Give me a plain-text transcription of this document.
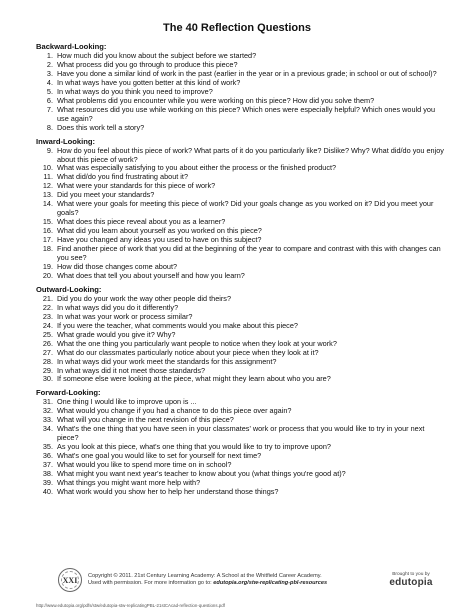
The 40 Reflection Questions
Backward-Looking:
1. How much did you know about the subject before we started?
2. What process did you go through to produce this piece?
3. Have you done a similar kind of work in the past (earlier in the year or in a previous grade; in school or out of school)?
4. In what ways have you gotten better at this kind of work?
5. In what ways do you think you need to improve?
6. What problems did you encounter while you were working on this piece? How did you solve them?
7. What resources did you use while working on this piece? Which ones were especially helpful? Which ones would you use again?
8. Does this work tell a story?
Inward-Looking:
9. How do you feel about this piece of work? What parts of it do you particularly like? Dislike? Why? What did/do you enjoy about this piece of work?
10. What was especially satisfying to you about either the process or the finished product?
11. What did/do you find frustrating about it?
12. What were your standards for this piece of work?
13. Did you meet your standards?
14. What were your goals for meeting this piece of work? Did your goals change as you worked on it? Did you meet your goals?
15. What does this piece reveal about you as a learner?
16. What did you learn about yourself as you worked on this piece?
17. Have you changed any ideas you used to have on this subject?
18. Find another piece of work that you did at the beginning of the year to compare and contrast with this with changes can you see?
19. How did those changes come about?
20. What does that tell you about yourself and how you learn?
Outward-Looking:
21. Did you do your work the way other people did theirs?
22. In what ways did you do it differently?
23. In what was your work or process similar?
24. If you were the teacher, what comments would you make about this piece?
25. What grade would you give it? Why?
26. What the one thing you particularly want people to notice when they look at your work?
27. What do our classmates particularly notice about your piece when they look at it?
28. In what ways did your work meet the standards for this assignment?
29. In what ways did it not meet those standards?
30. If someone else were looking at the piece, what might they learn about who you are?
Forward-Looking:
31. One thing I would like to improve upon is ...
32. What would you change if you had a chance to do this piece over again?
33. What will you change in the next revision of this piece?
34. What's the one thing that you have seen in your classmates' work or process that you would like to try in your next piece?
35. As you look at this piece, what's one thing that you would like to try to improve upon?
36. What's one goal you would like to set for yourself for next time?
37. What would you like to spend more time on in school?
38. What might you want next year's teacher to know about you (what things you're good at)?
39. What things you might want more help with?
40. What work would you show her to help her understand those things?
XXI Copyright © 2011. 21st Century Learning Academy: A School at the Whitfield Career Academy.
Used with permission. For more information go to: edutopia.org/stw-replicating-pbl-resources
Brought to you by
edutopia
http://www.edutopia.org/pdfs/stw/edutopia-stw-replicatingPBL-21stCAcad-reflection-questions.pdf
